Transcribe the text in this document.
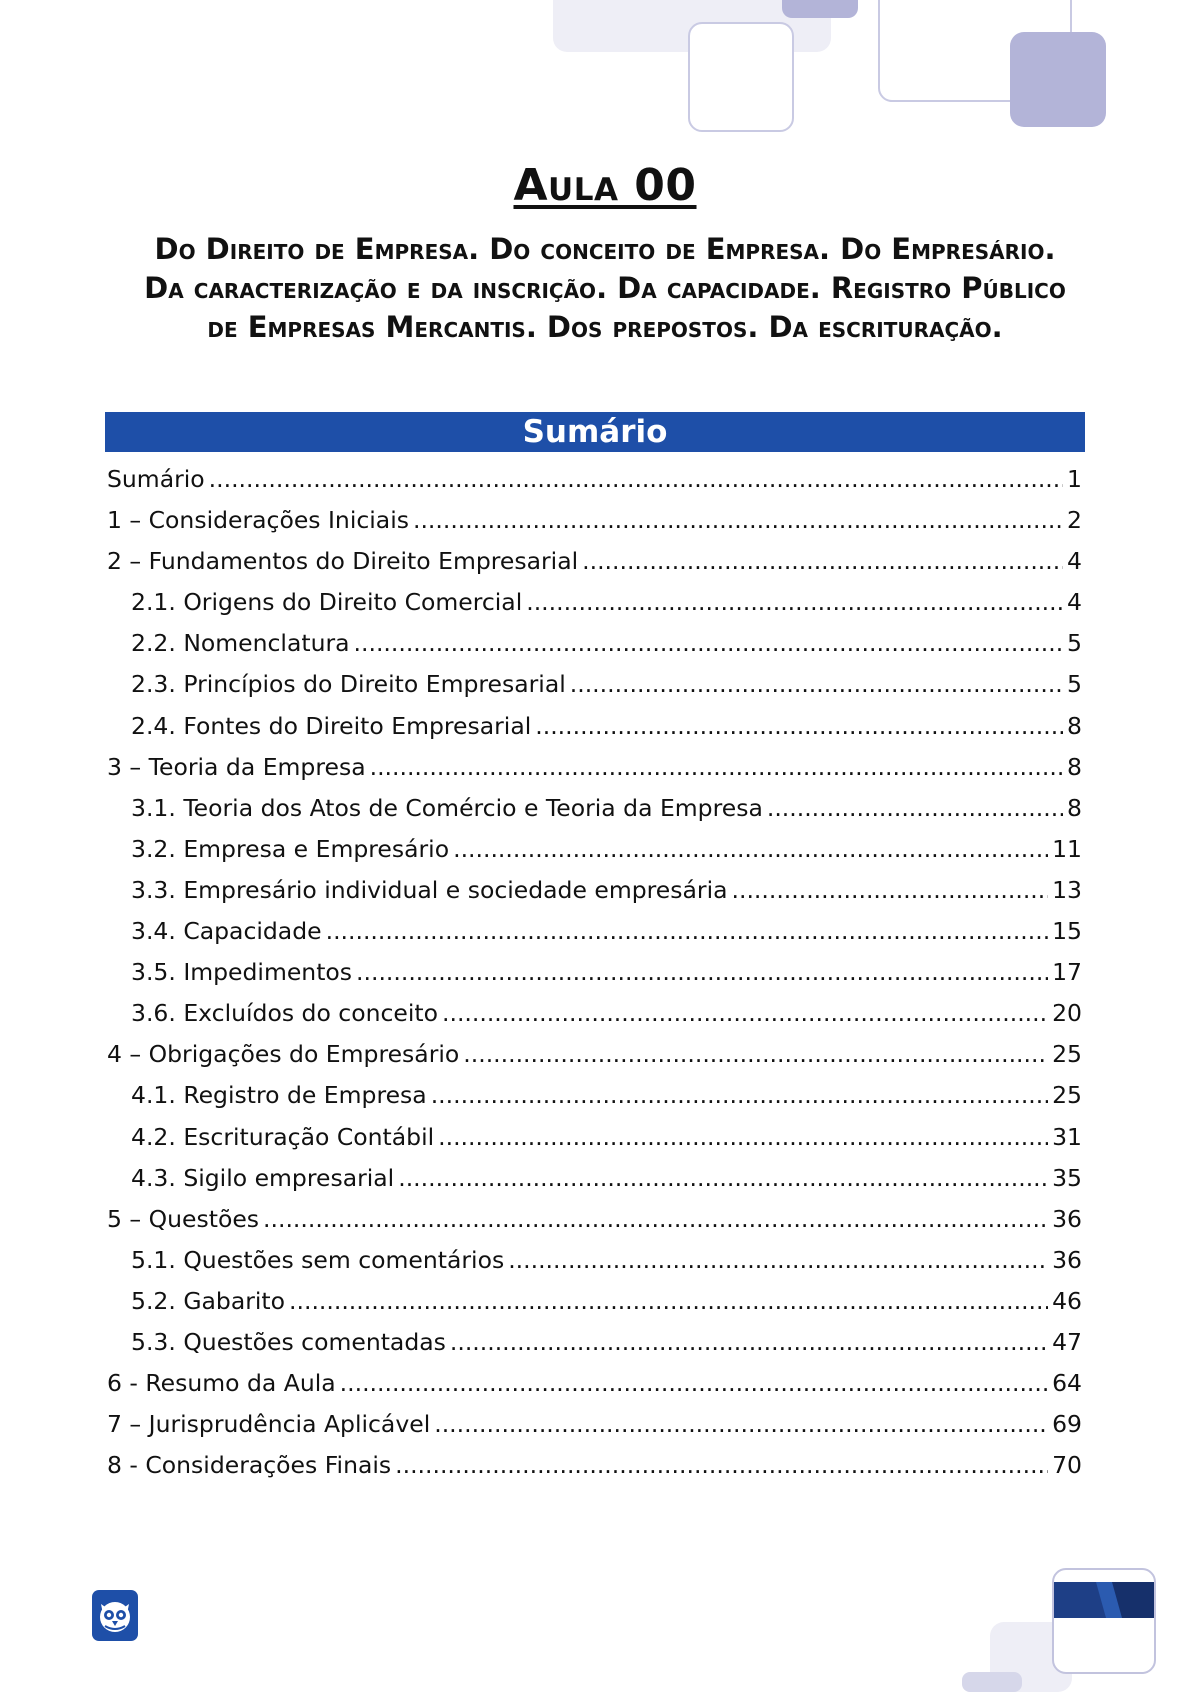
Aula 00
Do Direito de Empresa. Do conceito de Empresa. Do Empresário. Da caracterização e da inscrição. Da capacidade. Registro Público de Empresas Mercantis. Dos prepostos. Da escrituração.
Sumário
Sumário .....	1
1 – Considerações Iniciais .....	2
2 – Fundamentos do Direito Empresarial .....	4
2.1. Origens do Direito Comercial .....	4
2.2. Nomenclatura .....	5
2.3. Princípios do Direito Empresarial .....	5
2.4. Fontes do Direito Empresarial .....	8
3 – Teoria da Empresa .....	8
3.1. Teoria dos Atos de Comércio e Teoria da Empresa .....	8
3.2. Empresa e Empresário .....	11
3.3. Empresário individual e sociedade empresária .....	13
3.4. Capacidade .....	15
3.5. Impedimentos .....	17
3.6. Excluídos do conceito .....	20
4 – Obrigações do Empresário .....	25
4.1. Registro de Empresa .....	25
4.2. Escrituração Contábil .....	31
4.3. Sigilo empresarial .....	35
5 – Questões .....	36
5.1. Questões sem comentários .....	36
5.2. Gabarito .....	46
5.3. Questões comentadas .....	47
6 - Resumo da Aula .....	64
7 – Jurisprudência Aplicável .....	69
8 - Considerações Finais .....	70
